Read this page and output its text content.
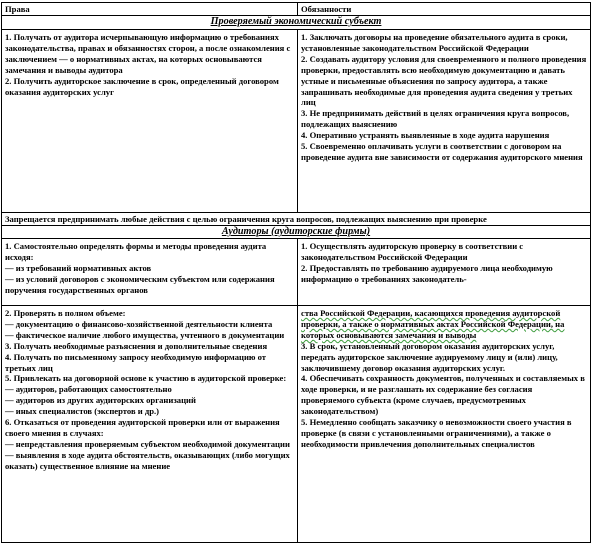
Права	Обязанности
Проверяемый экономический субъект
1. Получать от аудитора исчерпывающую информацию о требованиях законодательства, правах и обязанностях сторон, а после ознакомления с заключением — о нормативных актах, на которых основываются замечания и выводы аудитора
2. Получить аудиторское заключение в срок, определенный договором оказания аудиторских услуг
1. Заключать договоры на проведение обязательного аудита в сроки, установленные законодательством Российской Федерации
2. Создавать аудитору условия для своевременного и полного проведения проверки, предоставлять всю необходимую документацию и давать устные и письменные объяснения по запросу аудитора, а также запрашивать необходимые для проведения аудита сведения у третьих лиц
3. Не предпринимать действий в целях ограничения круга вопросов, подлежащих выяснению
4. Оперативно устранять выявленные в ходе аудита нарушения
5. Своевременно оплачивать услуги в соответствии с договором на проведение аудита вне зависимости от содержания аудиторского мнения
Запрещается предпринимать любые действия с целью ограничения круга вопросов, подлежащих выяснению при проверке
Аудиторы (аудиторские фирмы)
1. Самостоятельно определять формы и методы проведения аудита исходя:
— из требований нормативных актов
— из условий договоров с экономическим субъектом или содержания поручения государственных органов
1. Осуществлять аудиторскую проверку в соответствии с законодательством Российской Федерации
2. Предоставлять по требованию аудируемого лица необходимую информацию о требованиях законодатель-
2. Проверять в полном объеме:
— документацию о финансово-хозяйственной деятельности клиента
— фактическое наличие любого имущества, учтенного в документации
3. Получать необходимые разъяснения и дополнительные сведения
4. Получать по письменному запросу необходимую информацию от третьих лиц
5. Привлекать на договорной основе к участию в аудиторской проверке:
— аудиторов, работающих самостоятельно
— аудиторов из других аудиторских организаций
— иных специалистов (экспертов и др.)
6. Отказаться от проведения аудиторской проверки или от выражения своего мнения в случаях:
— непредставления проверяемым субъектом необходимой документации
— выявления в ходе аудита обстоятельств, оказывающих (либо могущих оказать) существенное влияние на мнение
ства Российской Федерации, касающихся проведения аудиторской проверки, а также о нормативных актах Российской Федерации, на которых основываются замечания и выводы
3. В срок, установленный договором оказания аудиторских услуг, передать аудиторское заключение аудируемому лицу и (или) лицу, заключившему договор оказания аудиторских услуг.
4. Обеспечивать сохранность документов, полученных и составляемых в ходе проверки, и не разглашать их содержание без согласия проверяемого субъекта (кроме случаев, предусмотренных законодательством)
5. Немедленно сообщать заказчику о невозможности своего участия в проверке (в связи с установленными ограничениями), а также о необходимости привлечения дополнительных специалистов
